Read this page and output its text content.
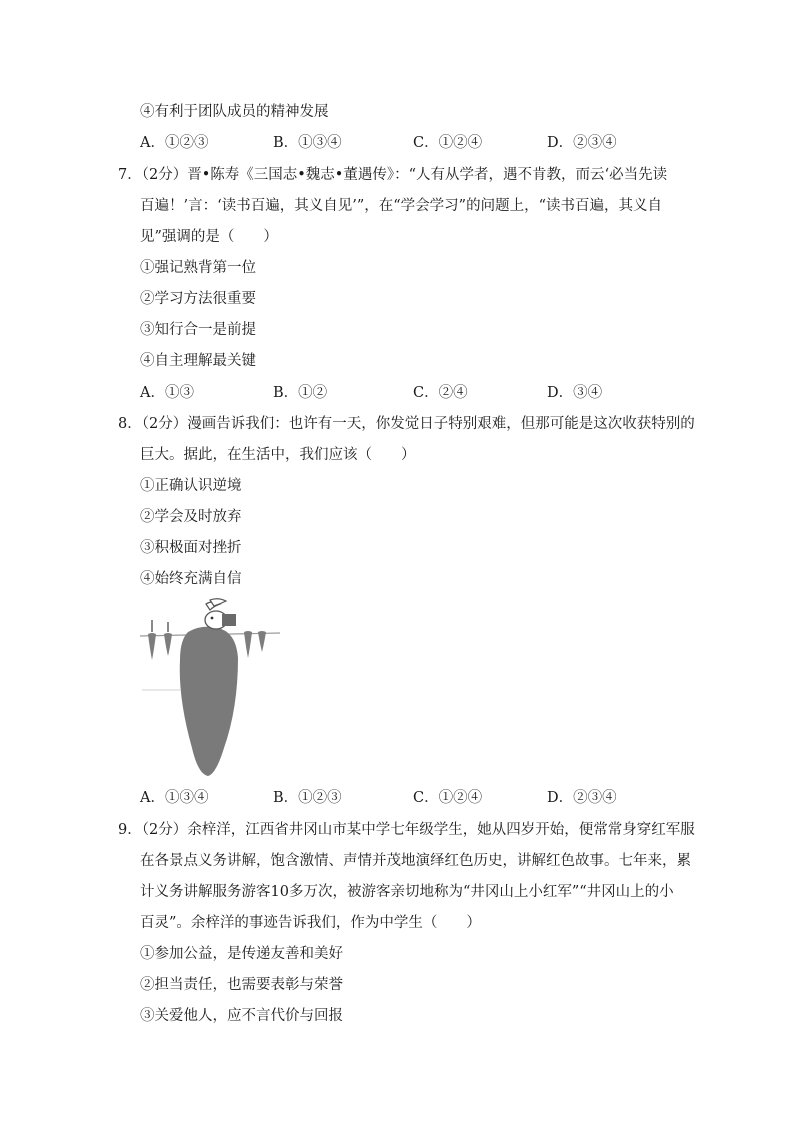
④有利于团队成员的精神发展
A．①②③	B．①③④	C．①②④	D．②③④
7．（2分）晋•陈寿《三国志•魏志•董遇传》：“人有从学者，遇不肯教，而云‘必当先读
百遍！’言：‘读书百遍，其义自见’”，在“学会学习”的问题上，“读书百遍，其义自
见”强调的是（　　）
①强记熟背第一位
②学习方法很重要
③知行合一是前提
④自主理解最关键
A．①③	B．①②	C．②④	D．③④
8．（2分）漫画告诉我们：也许有一天，你发觉日子特别艰难，但那可能是这次收获特别的
巨大。据此，在生活中，我们应该（　　）
①正确认识逆境
②学会及时放弃
③积极面对挫折
④始终充满自信
A．①③④	B．①②③	C．①②④	D．②③④
9．（2分）余梓洋，江西省井冈山市某中学七年级学生，她从四岁开始，便常常身穿红军服
在各景点义务讲解，饱含激情、声情并茂地演绎红色历史，讲解红色故事。七年来，累
计义务讲解服务游客10多万次，被游客亲切地称为“井冈山上小红军”“井冈山上的小
百灵”。余梓洋的事迹告诉我们，作为中学生（　　）
①参加公益，是传递友善和美好
②担当责任，也需要表彰与荣誉
③关爱他人，应不言代价与回报
